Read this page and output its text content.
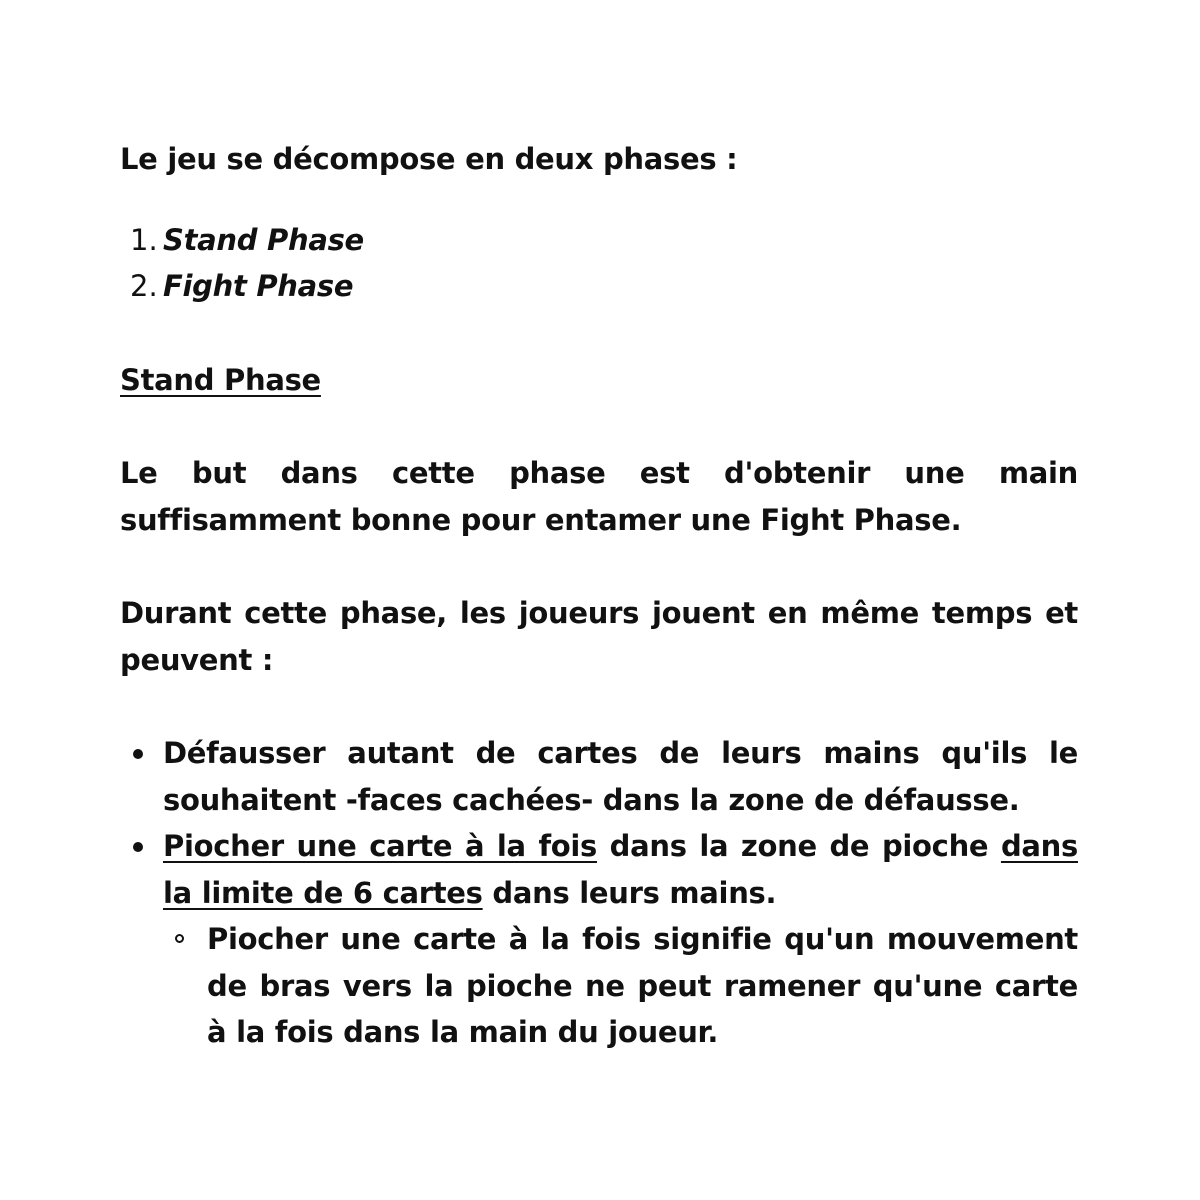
Le jeu se décompose en deux phases :

1. Stand Phase
2. Fight Phase

Stand Phase

Le but dans cette phase est d'obtenir une main suffisamment bonne pour entamer une Fight Phase.

Durant cette phase, les joueurs jouent en même temps et peuvent :

Défausser autant de cartes de leurs mains qu'ils le souhaitent -faces cachées- dans la zone de défausse.
Piocher une carte à la fois dans la zone de pioche dans la limite de 6 cartes dans leurs mains.
Piocher une carte à la fois signifie qu'un mouvement de bras vers la pioche ne peut ramener qu'une carte à la fois dans la main du joueur.
